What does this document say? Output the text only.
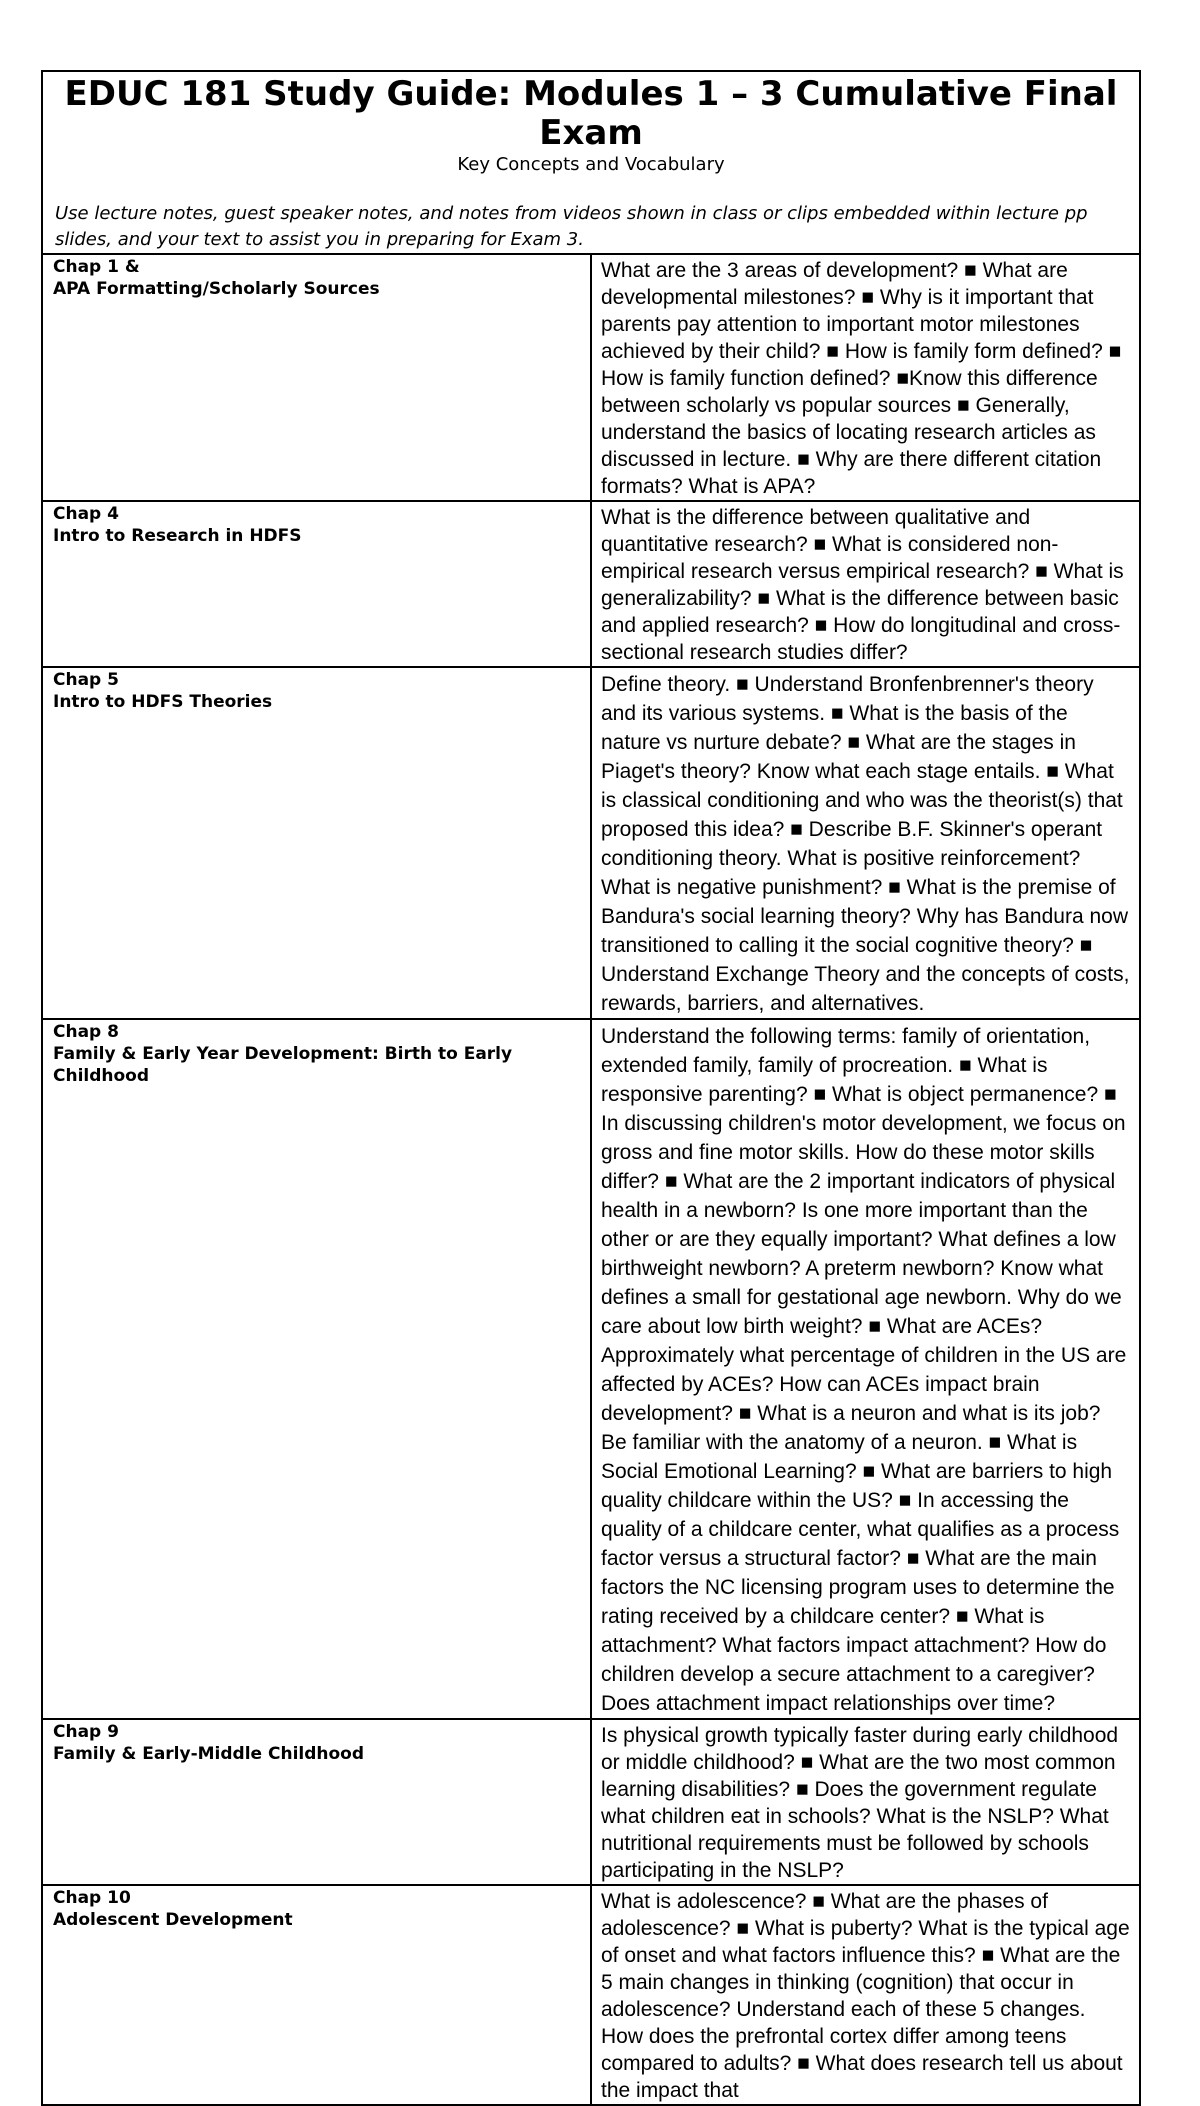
EDUC 181 Study Guide: Modules 1 – 3 Cumulative Final Exam
Key Concepts and Vocabulary
Use lecture notes, guest speaker notes, and notes from videos shown in class or clips embedded within lecture pp slides, and your text to assist you in preparing for Exam 3.	

Chap 1 &
APA Formatting/Scholarly Sources	What are the 3 areas of development? ■ What are developmental milestones? ■ Why is it important that parents pay attention to important motor milestones achieved by their child? ■ How is family form defined? ■ How is family function defined? ■Know this difference between scholarly vs popular sources ■ Generally, understand the basics of locating research articles as discussed in lecture. ■ Why are there different citation formats? What is APA?

Chap 4
Intro to Research in HDFS	What is the difference between qualitative and quantitative research? ■ What is considered non-empirical research versus empirical research? ■ What is generalizability? ■ What is the difference between basic and applied research? ■ How do longitudinal and cross-sectional research studies differ?

Chap 5
Intro to HDFS Theories	Define theory. ■ Understand Bronfenbrenner's theory and its various systems. ■ What is the basis of the nature vs nurture debate? ■ What are the stages in Piaget's theory? Know what each stage entails. ■ What is classical conditioning and who was the theorist(s) that proposed this idea? ■ Describe B.F. Skinner's operant conditioning theory. What is positive reinforcement? What is negative punishment? ■ What is the premise of Bandura's social learning theory? Why has Bandura now transitioned to calling it the social cognitive theory? ■ Understand Exchange Theory and the concepts of costs, rewards, barriers, and alternatives.

Chap 8
Family & Early Year Development: Birth to Early Childhood	Understand the following terms: family of orientation, extended family, family of procreation. ■ What is responsive parenting? ■ What is object permanence? ■ In discussing children's motor development, we focus on gross and fine motor skills. How do these motor skills differ? ■ What are the 2 important indicators of physical health in a newborn? Is one more important than the other or are they equally important? What defines a low birthweight newborn? A preterm newborn? Know what defines a small for gestational age newborn. Why do we care about low birth weight? ■ What are ACEs? Approximately what percentage of children in the US are affected by ACEs? How can ACEs impact brain development? ■ What is a neuron and what is its job? Be familiar with the anatomy of a neuron. ■ What is Social Emotional Learning? ■ What are barriers to high quality childcare within the US? ■ In accessing the quality of a childcare center, what qualifies as a process factor versus a structural factor? ■ What are the main factors the NC licensing program uses to determine the rating received by a childcare center? ■ What is attachment? What factors impact attachment? How do children develop a secure attachment to a caregiver? Does attachment impact relationships over time?

Chap 9
Family & Early-Middle Childhood	Is physical growth typically faster during early childhood or middle childhood? ■ What are the two most common learning disabilities? ■ Does the government regulate what children eat in schools? What is the NSLP? What nutritional requirements must be followed by schools participating in the NSLP?

Chap 10
Adolescent Development	What is adolescence? ■ What are the phases of adolescence? ■ What is puberty? What is the typical age of onset and what factors influence this? ■ What are the 5 main changes in thinking (cognition) that occur in adolescence? Understand each of these 5 changes. How does the prefrontal cortex differ among teens compared to adults? ■ What does research tell us about the impact that
